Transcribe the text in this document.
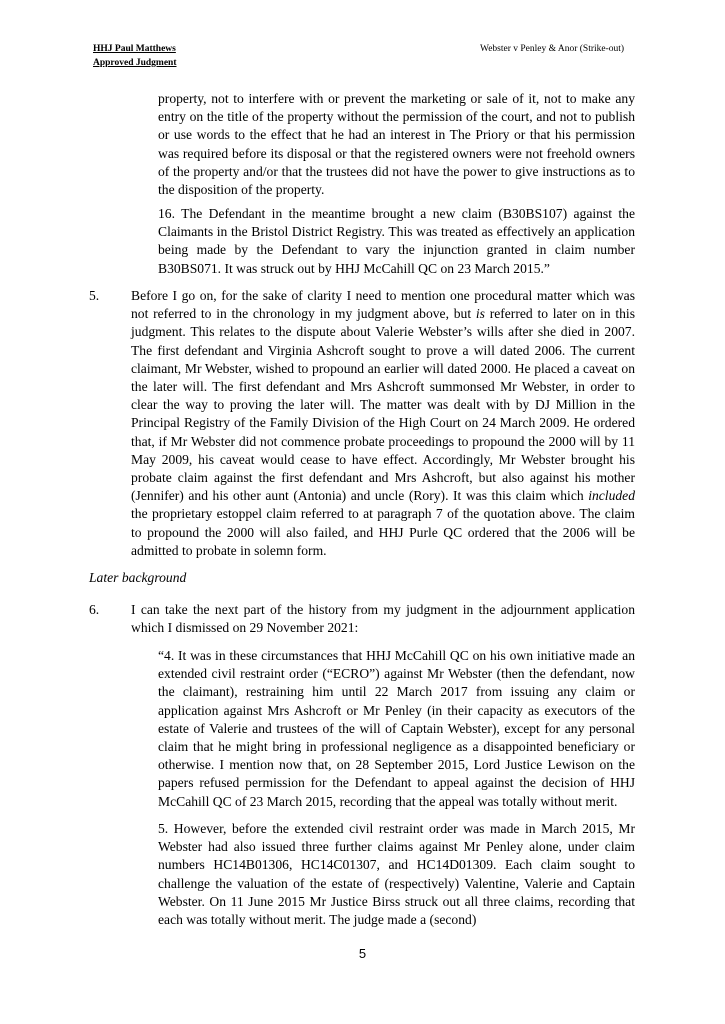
HHJ Paul Matthews
Approved Judgment
Webster v Penley & Anor (Strike-out)

property, not to interfere with or prevent the marketing or sale of it, not to make any entry on the title of the property without the permission of the court, and not to publish or use words to the effect that he had an interest in The Priory or that his permission was required before its disposal or that the registered owners were not freehold owners of the property and/or that the trustees did not have the power to give instructions as to the disposition of the property.

16. The Defendant in the meantime brought a new claim (B30BS107) against the Claimants in the Bristol District Registry. This was treated as effectively an application being made by the Defendant to vary the injunction granted in claim number B30BS071. It was struck out by HHJ McCahill QC on 23 March 2015.”

5. Before I go on, for the sake of clarity I need to mention one procedural matter which was not referred to in the chronology in my judgment above, but is referred to later on in this judgment. This relates to the dispute about Valerie Webster’s wills after she died in 2007. The first defendant and Virginia Ashcroft sought to prove a will dated 2006. The current claimant, Mr Webster, wished to propound an earlier will dated 2000. He placed a caveat on the later will. The first defendant and Mrs Ashcroft summonsed Mr Webster, in order to clear the way to proving the later will. The matter was dealt with by DJ Million in the Principal Registry of the Family Division of the High Court on 24 March 2009. He ordered that, if Mr Webster did not commence probate proceedings to propound the 2000 will by 11 May 2009, his caveat would cease to have effect. Accordingly, Mr Webster brought his probate claim against the first defendant and Mrs Ashcroft, but also against his mother (Jennifer) and his other aunt (Antonia) and uncle (Rory). It was this claim which included the proprietary estoppel claim referred to at paragraph 7 of the quotation above. The claim to propound the 2000 will also failed, and HHJ Purle QC ordered that the 2006 will be admitted to probate in solemn form.

Later background
6. I can take the next part of the history from my judgment in the adjournment application which I dismissed on 29 November 2021:

“4. It was in these circumstances that HHJ McCahill QC on his own initiative made an extended civil restraint order (“ECRO”) against Mr Webster (then the defendant, now the claimant), restraining him until 22 March 2017 from issuing any claim or application against Mrs Ashcroft or Mr Penley (in their capacity as executors of the estate of Valerie and trustees of the will of Captain Webster), except for any personal claim that he might bring in professional negligence as a disappointed beneficiary or otherwise. I mention now that, on 28 September 2015, Lord Justice Lewison on the papers refused permission for the Defendant to appeal against the decision of HHJ McCahill QC of 23 March 2015, recording that the appeal was totally without merit.

5. However, before the extended civil restraint order was made in March 2015, Mr Webster had also issued three further claims against Mr Penley alone, under claim numbers HC14B01306, HC14C01307, and HC14D01309. Each claim sought to challenge the valuation of the estate of (respectively) Valentine, Valerie and Captain Webster. On 11 June 2015 Mr Justice Birss struck out all three claims, recording that each was totally without merit. The judge made a (second)

5
